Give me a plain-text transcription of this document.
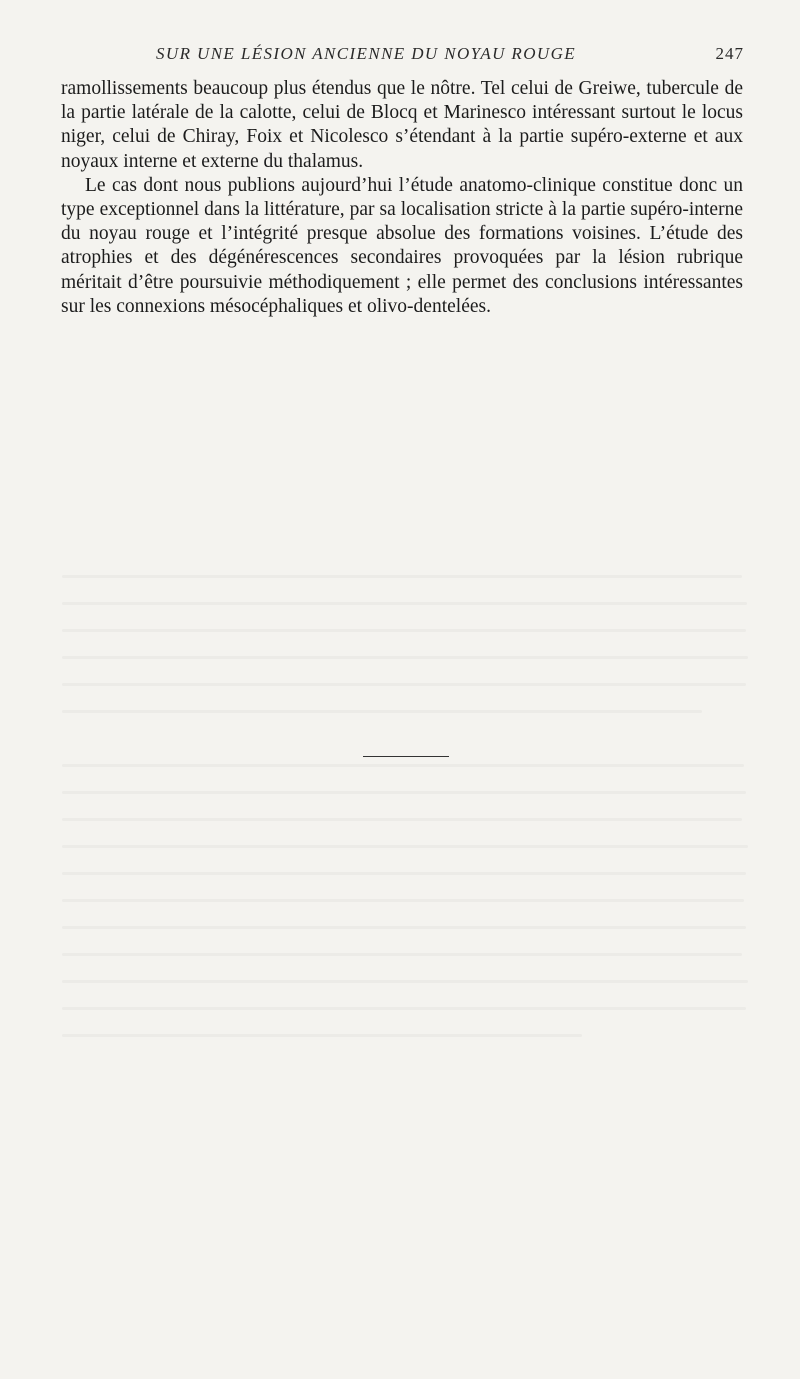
SUR UNE LÉSION ANCIENNE DU NOYAU ROUGE	247

ramollissements beaucoup plus étendus que le nôtre. Tel celui de Greiwe, tubercule de la partie latérale de la calotte, celui de Blocq et Marinesco intéressant surtout le locus niger, celui de Chiray, Foix et Nicolesco s’étendant à la partie supéro-externe et aux noyaux interne et externe du thalamus.

Le cas dont nous publions aujourd’hui l’étude anatomo-clinique constitue donc un type exceptionnel dans la littérature, par sa localisation stricte à la partie supéro-interne du noyau rouge et l’intégrité presque absolue des formations voisines. L’étude des atrophies et des dégénérescences secondaires provoquées par la lésion rubrique méritait d’être poursuivie méthodiquement ; elle permet des conclusions intéressantes sur les connexions mésocéphaliques et olivo-dentelées.
